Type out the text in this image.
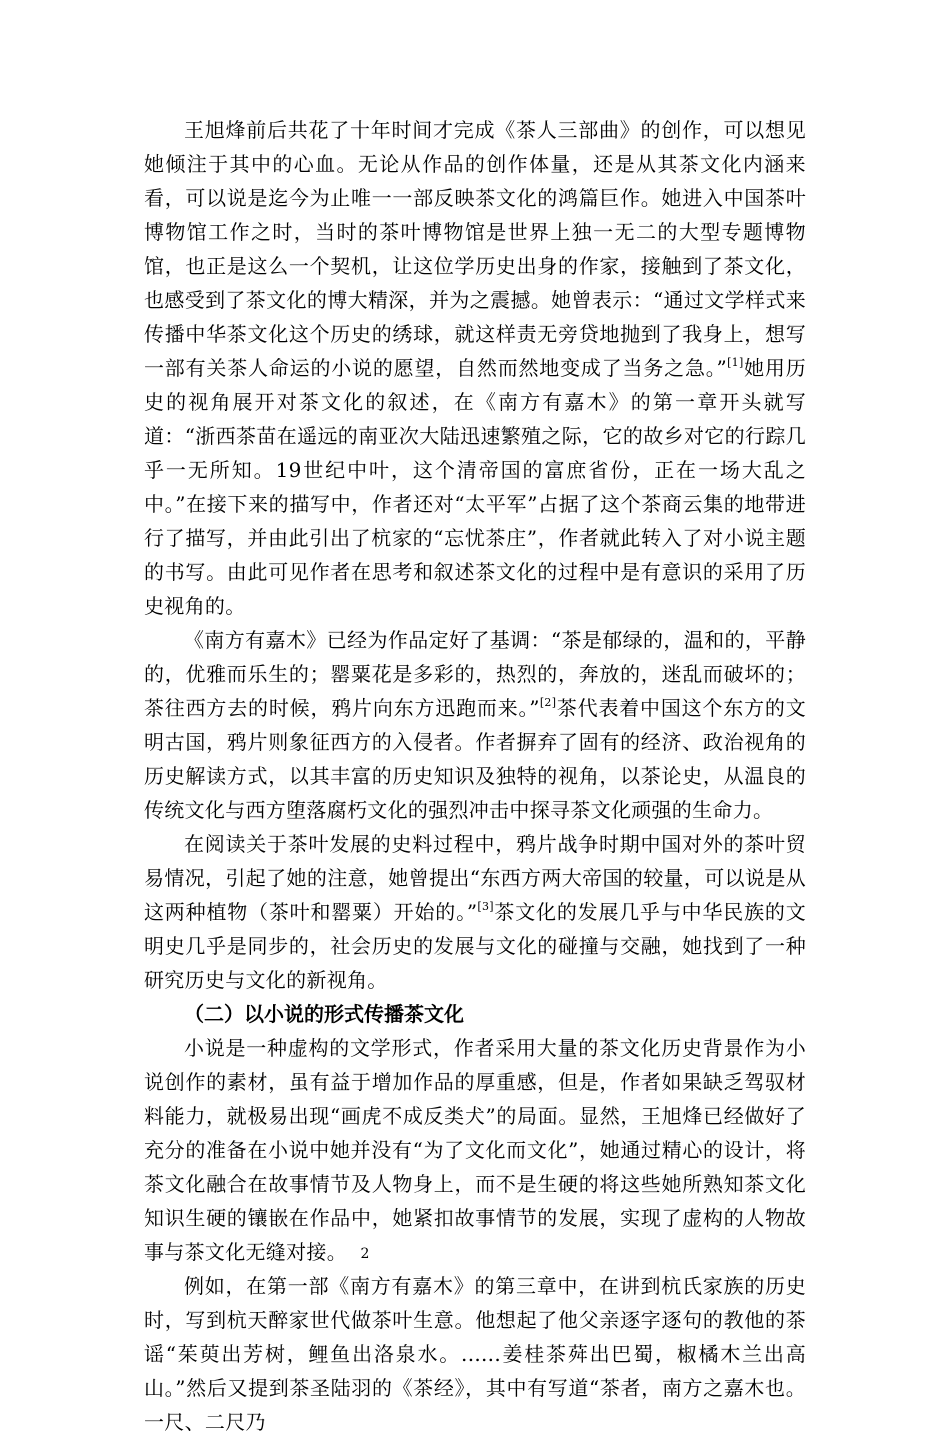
王旭烽前后共花了十年时间才完成《茶人三部曲》的创作，可以想见她倾注于其中的心血。无论从作品的创作体量，还是从其茶文化内涵来看，可以说是迄今为止唯一一部反映茶文化的鸿篇巨作。她进入中国茶叶博物馆工作之时，当时的茶叶博物馆是世界上独一无二的大型专题博物馆，也正是这么一个契机，让这位学历史出身的作家，接触到了茶文化，也感受到了茶文化的博大精深，并为之震撼。她曾表示：“通过文学样式来传播中华茶文化这个历史的绣球，就这样责无旁贷地抛到了我身上，想写一部有关茶人命运的小说的愿望，自然而然地变成了当务之急。”[1]她用历史的视角展开对茶文化的叙述，在《南方有嘉木》的第一章开头就写道：“浙西茶苗在遥远的南亚次大陆迅速繁殖之际，它的故乡对它的行踪几乎一无所知。19世纪中叶，这个清帝国的富庶省份，正在一场大乱之中。”在接下来的描写中，作者还对“太平军”占据了这个茶商云集的地带进行了描写，并由此引出了杭家的“忘忧茶庄”，作者就此转入了对小说主题的书写。由此可见作者在思考和叙述茶文化的过程中是有意识的采用了历史视角的。

《南方有嘉木》已经为作品定好了基调：“茶是郁绿的，温和的，平静的，优雅而乐生的；罂粟花是多彩的，热烈的，奔放的，迷乱而破坏的；茶往西方去的时候，鸦片向东方迅跑而来。”[2]茶代表着中国这个东方的文明古国，鸦片则象征西方的入侵者。作者摒弃了固有的经济、政治视角的历史解读方式，以其丰富的历史知识及独特的视角，以茶论史，从温良的传统文化与西方堕落腐朽文化的强烈冲击中探寻茶文化顽强的生命力。

在阅读关于茶叶发展的史料过程中，鸦片战争时期中国对外的茶叶贸易情况，引起了她的注意，她曾提出“东西方两大帝国的较量，可以说是从这两种植物（茶叶和罂粟）开始的。”[3]茶文化的发展几乎与中华民族的文明史几乎是同步的，社会历史的发展与文化的碰撞与交融，她找到了一种研究历史与文化的新视角。

（二）以小说的形式传播茶文化

小说是一种虚构的文学形式，作者采用大量的茶文化历史背景作为小说创作的素材，虽有益于增加作品的厚重感，但是，作者如果缺乏驾驭材料能力，就极易出现“画虎不成反类犬”的局面。显然，王旭烽已经做好了充分的准备在小说中她并没有“为了文化而文化”，她通过精心的设计，将茶文化融合在故事情节及人物身上，而不是生硬的将这些她所熟知茶文化知识生硬的镶嵌在作品中，她紧扣故事情节的发展，实现了虚构的人物故事与茶文化无缝对接。

例如，在第一部《南方有嘉木》的第三章中，在讲到杭氏家族的历史时，写到杭天醉家世代做茶叶生意。他想起了他父亲逐字逐句的教他的茶谣“茱萸出芳树，鲤鱼出洛泉水。......姜桂茶荈出巴蜀，椒橘木兰出高山。”然后又提到茶圣陆羽的《茶经》，其中有写道“茶者，南方之嘉木也。一尺、二尺乃

2
